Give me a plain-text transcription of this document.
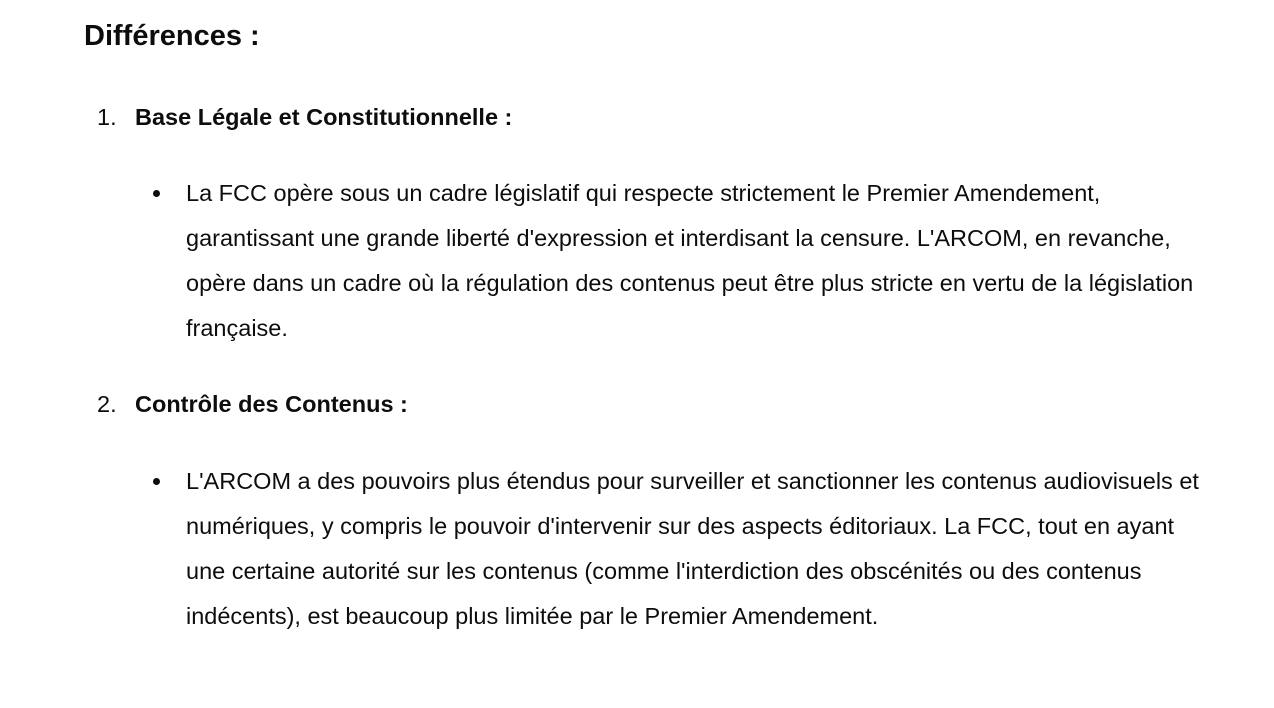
Différences :
1. Base Légale et Constitutionnelle :

La FCC opère sous un cadre législatif qui respecte strictement le Premier Amendement, garantissant une grande liberté d'expression et interdisant la censure. L'ARCOM, en revanche, opère dans un cadre où la régulation des contenus peut être plus stricte en vertu de la législation française.

2. Contrôle des Contenus :

L'ARCOM a des pouvoirs plus étendus pour surveiller et sanctionner les contenus audiovisuels et numériques, y compris le pouvoir d'intervenir sur des aspects éditoriaux. La FCC, tout en ayant une certaine autorité sur les contenus (comme l'interdiction des obscénités ou des contenus indécents), est beaucoup plus limitée par le Premier Amendement.
